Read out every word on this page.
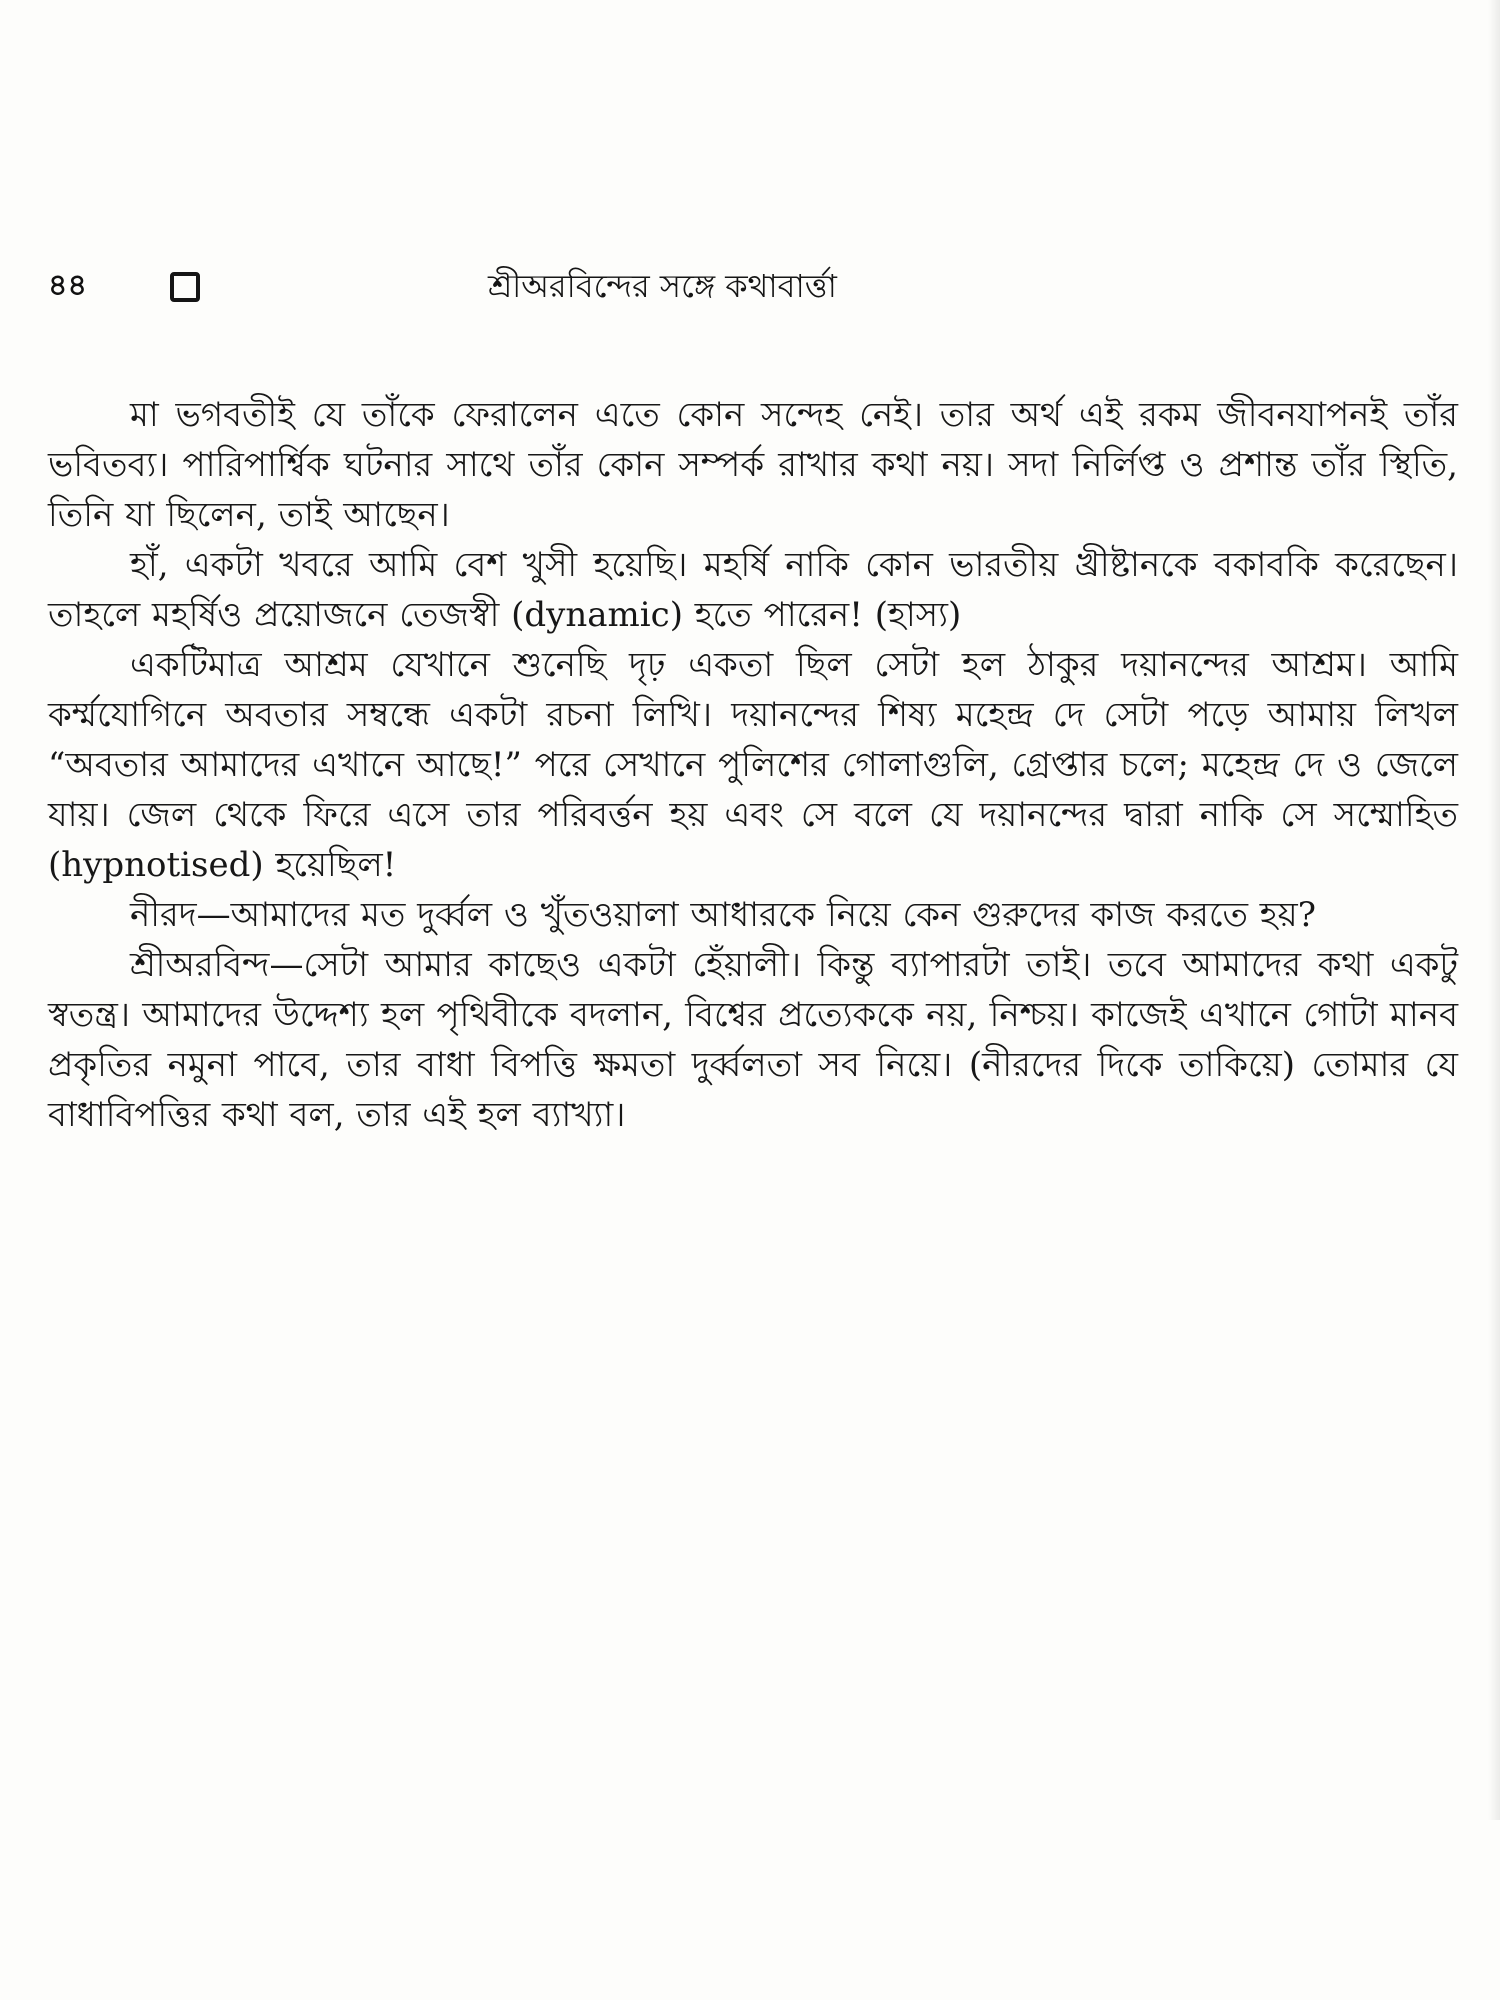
৪৪	শ্রীঅরবিন্দের সঙ্গে কথাবার্ত্তা

মা ভগবতীই যে তাঁকে ফেরালেন এতে কোন সন্দেহ নেই। তার অর্থ এই রকম জীবনযাপনই তাঁর ভবিতব্য। পারিপার্শ্বিক ঘটনার সাথে তাঁর কোন সম্পর্ক রাখার কথা নয়। সদা নির্লিপ্ত ও প্রশান্ত তাঁর স্থিতি, তিনি যা ছিলেন, তাই আছেন।

হাঁ, একটা খবরে আমি বেশ খুসী হয়েছি। মহর্ষি নাকি কোন ভারতীয় খ্রীষ্টানকে বকাবকি করেছেন। তাহলে মহর্ষিও প্রয়োজনে তেজস্বী (dynamic) হতে পারেন! (হাস্য)

একটিমাত্র আশ্রম যেখানে শুনেছি দৃঢ় একতা ছিল সেটা হল ঠাকুর দয়ানন্দের আশ্রম। আমি কর্ম্মযোগিনে অবতার সম্বন্ধে একটা রচনা লিখি। দয়ানন্দের শিষ্য মহেন্দ্র দে সেটা পড়ে আমায় লিখল “অবতার আমাদের এখানে আছে!” পরে সেখানে পুলিশের গোলাগুলি, গ্রেপ্তার চলে; মহেন্দ্র দে ও জেলে যায়। জেল থেকে ফিরে এসে তার পরিবর্ত্তন হয় এবং সে বলে যে দয়ানন্দের দ্বারা নাকি সে সম্মোহিত (hypnotised) হয়েছিল!

নীরদ—আমাদের মত দুর্ব্বল ও খুঁতওয়ালা আধারকে নিয়ে কেন গুরুদের কাজ করতে হয়?

শ্রীঅরবিন্দ—সেটা আমার কাছেও একটা হেঁয়ালী। কিন্তু ব্যাপারটা তাই। তবে আমাদের কথা একটু স্বতন্ত্র। আমাদের উদ্দেশ্য হল পৃথিবীকে বদলান, বিশ্বের প্রত্যেককে নয়, নিশ্চয়। কাজেই এখানে গোটা মানব প্রকৃতির নমুনা পাবে, তার বাধা বিপত্তি ক্ষমতা দুর্ব্বলতা সব নিয়ে। (নীরদের দিকে তাকিয়ে) তোমার যে বাধাবিপত্তির কথা বল, তার এই হল ব্যাখ্যা।
